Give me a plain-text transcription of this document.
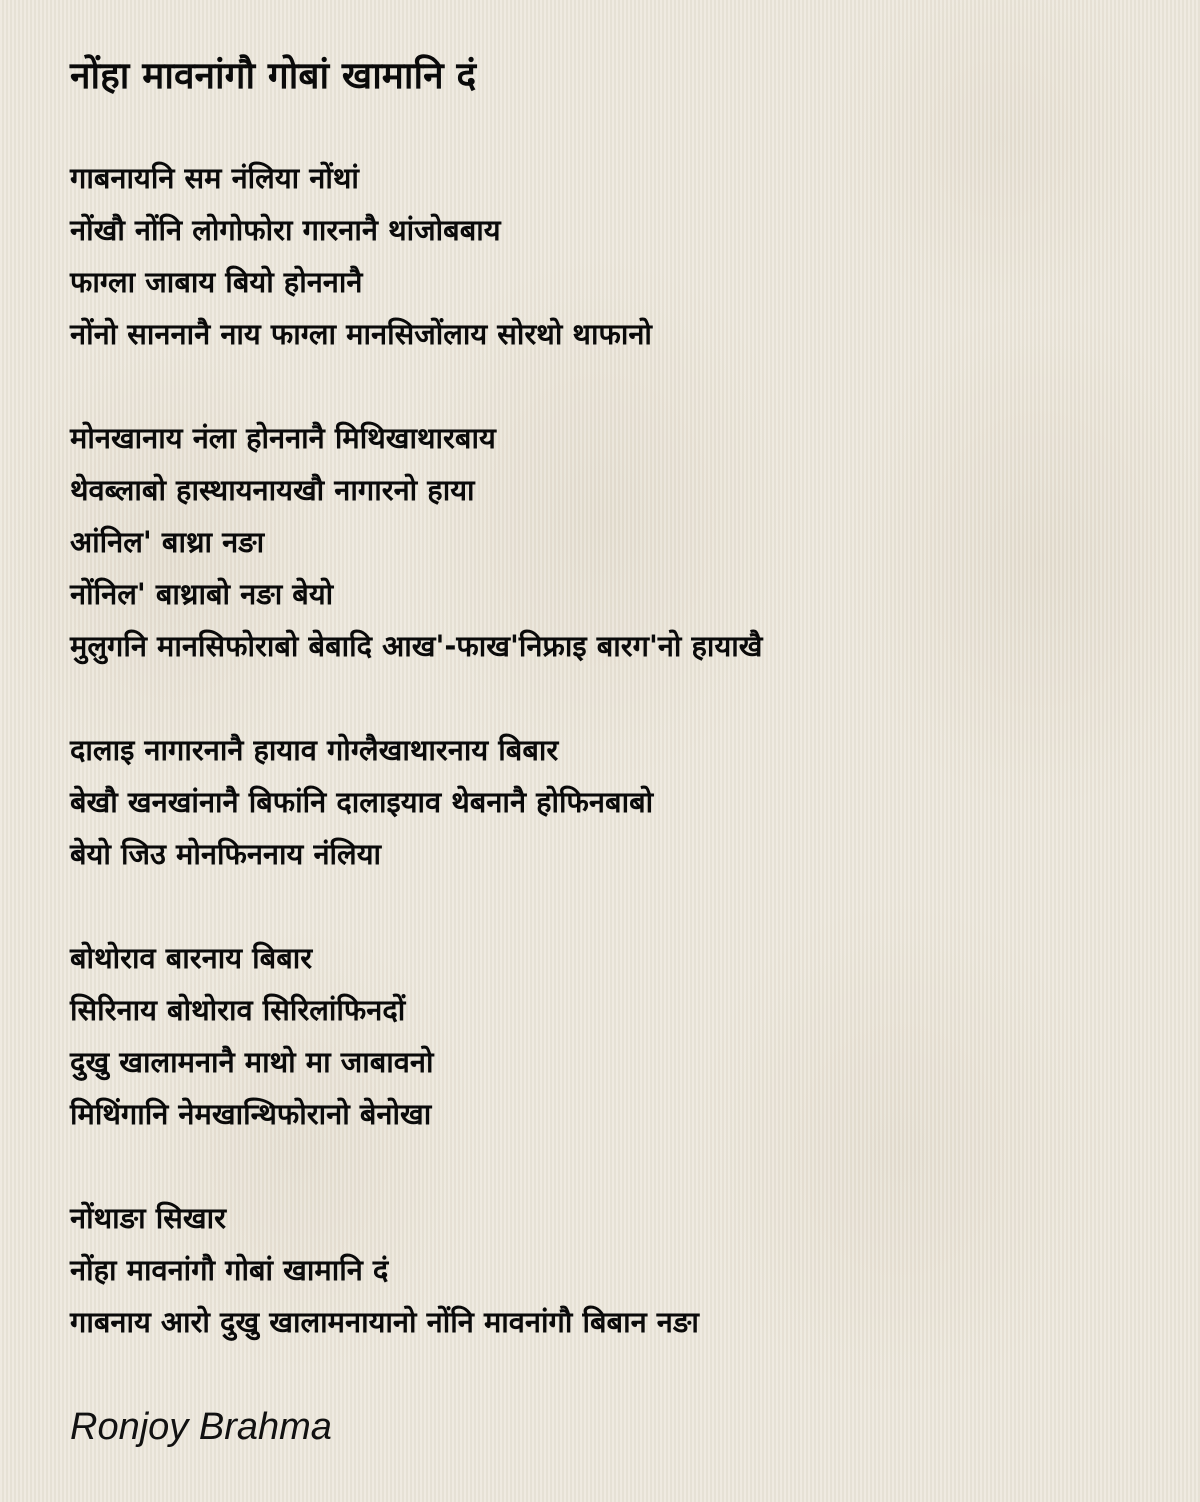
नोंहा मावनांगौ गोबां खामानि दं
गाबनायनि सम नंलिया नोंथां
नोंखौ नोंनि लोगोफोरा गारनानै थांजोबबाय
फाग्ला जाबाय बियो होननानै
नोंनो साननानै नाय फाग्ला मानसिजोंलाय सोरथो थाफानो
मोनखानाय नंला होननानै मिथिखाथारबाय
थेवब्लाबो हास्थायनायखौ नागारनो हाया
आंनिल' बाथ्रा नङा
नोंनिल' बाथ्राबो नङा बेयो
मुलुगनि मानसिफोराबो बेबादि आख'-फाख'निफ्राइ बारग'नो हायाखै
दालाइ नागारनानै हायाव गोग्लैखाथारनाय बिबार
बेखौ खनखांनानै बिफांनि दालाइयाव थेबनानै होफिनबाबो
बेयो जिउ मोनफिननाय नंलिया
बोथोराव बारनाय बिबार
सिरिनाय बोथोराव सिरिलांफिनदों
दुखु खालामनानै माथो मा जाबावनो
मिथिंगानि नेमखान्थिफोरानो बेनोखा
नोंथाङा सिखार
नोंहा मावनांगौ गोबां खामानि दं
गाबनाय आरो दुखु खालामनायानो नोंनि मावनांगौ बिबान नङा
Ronjoy Brahma
